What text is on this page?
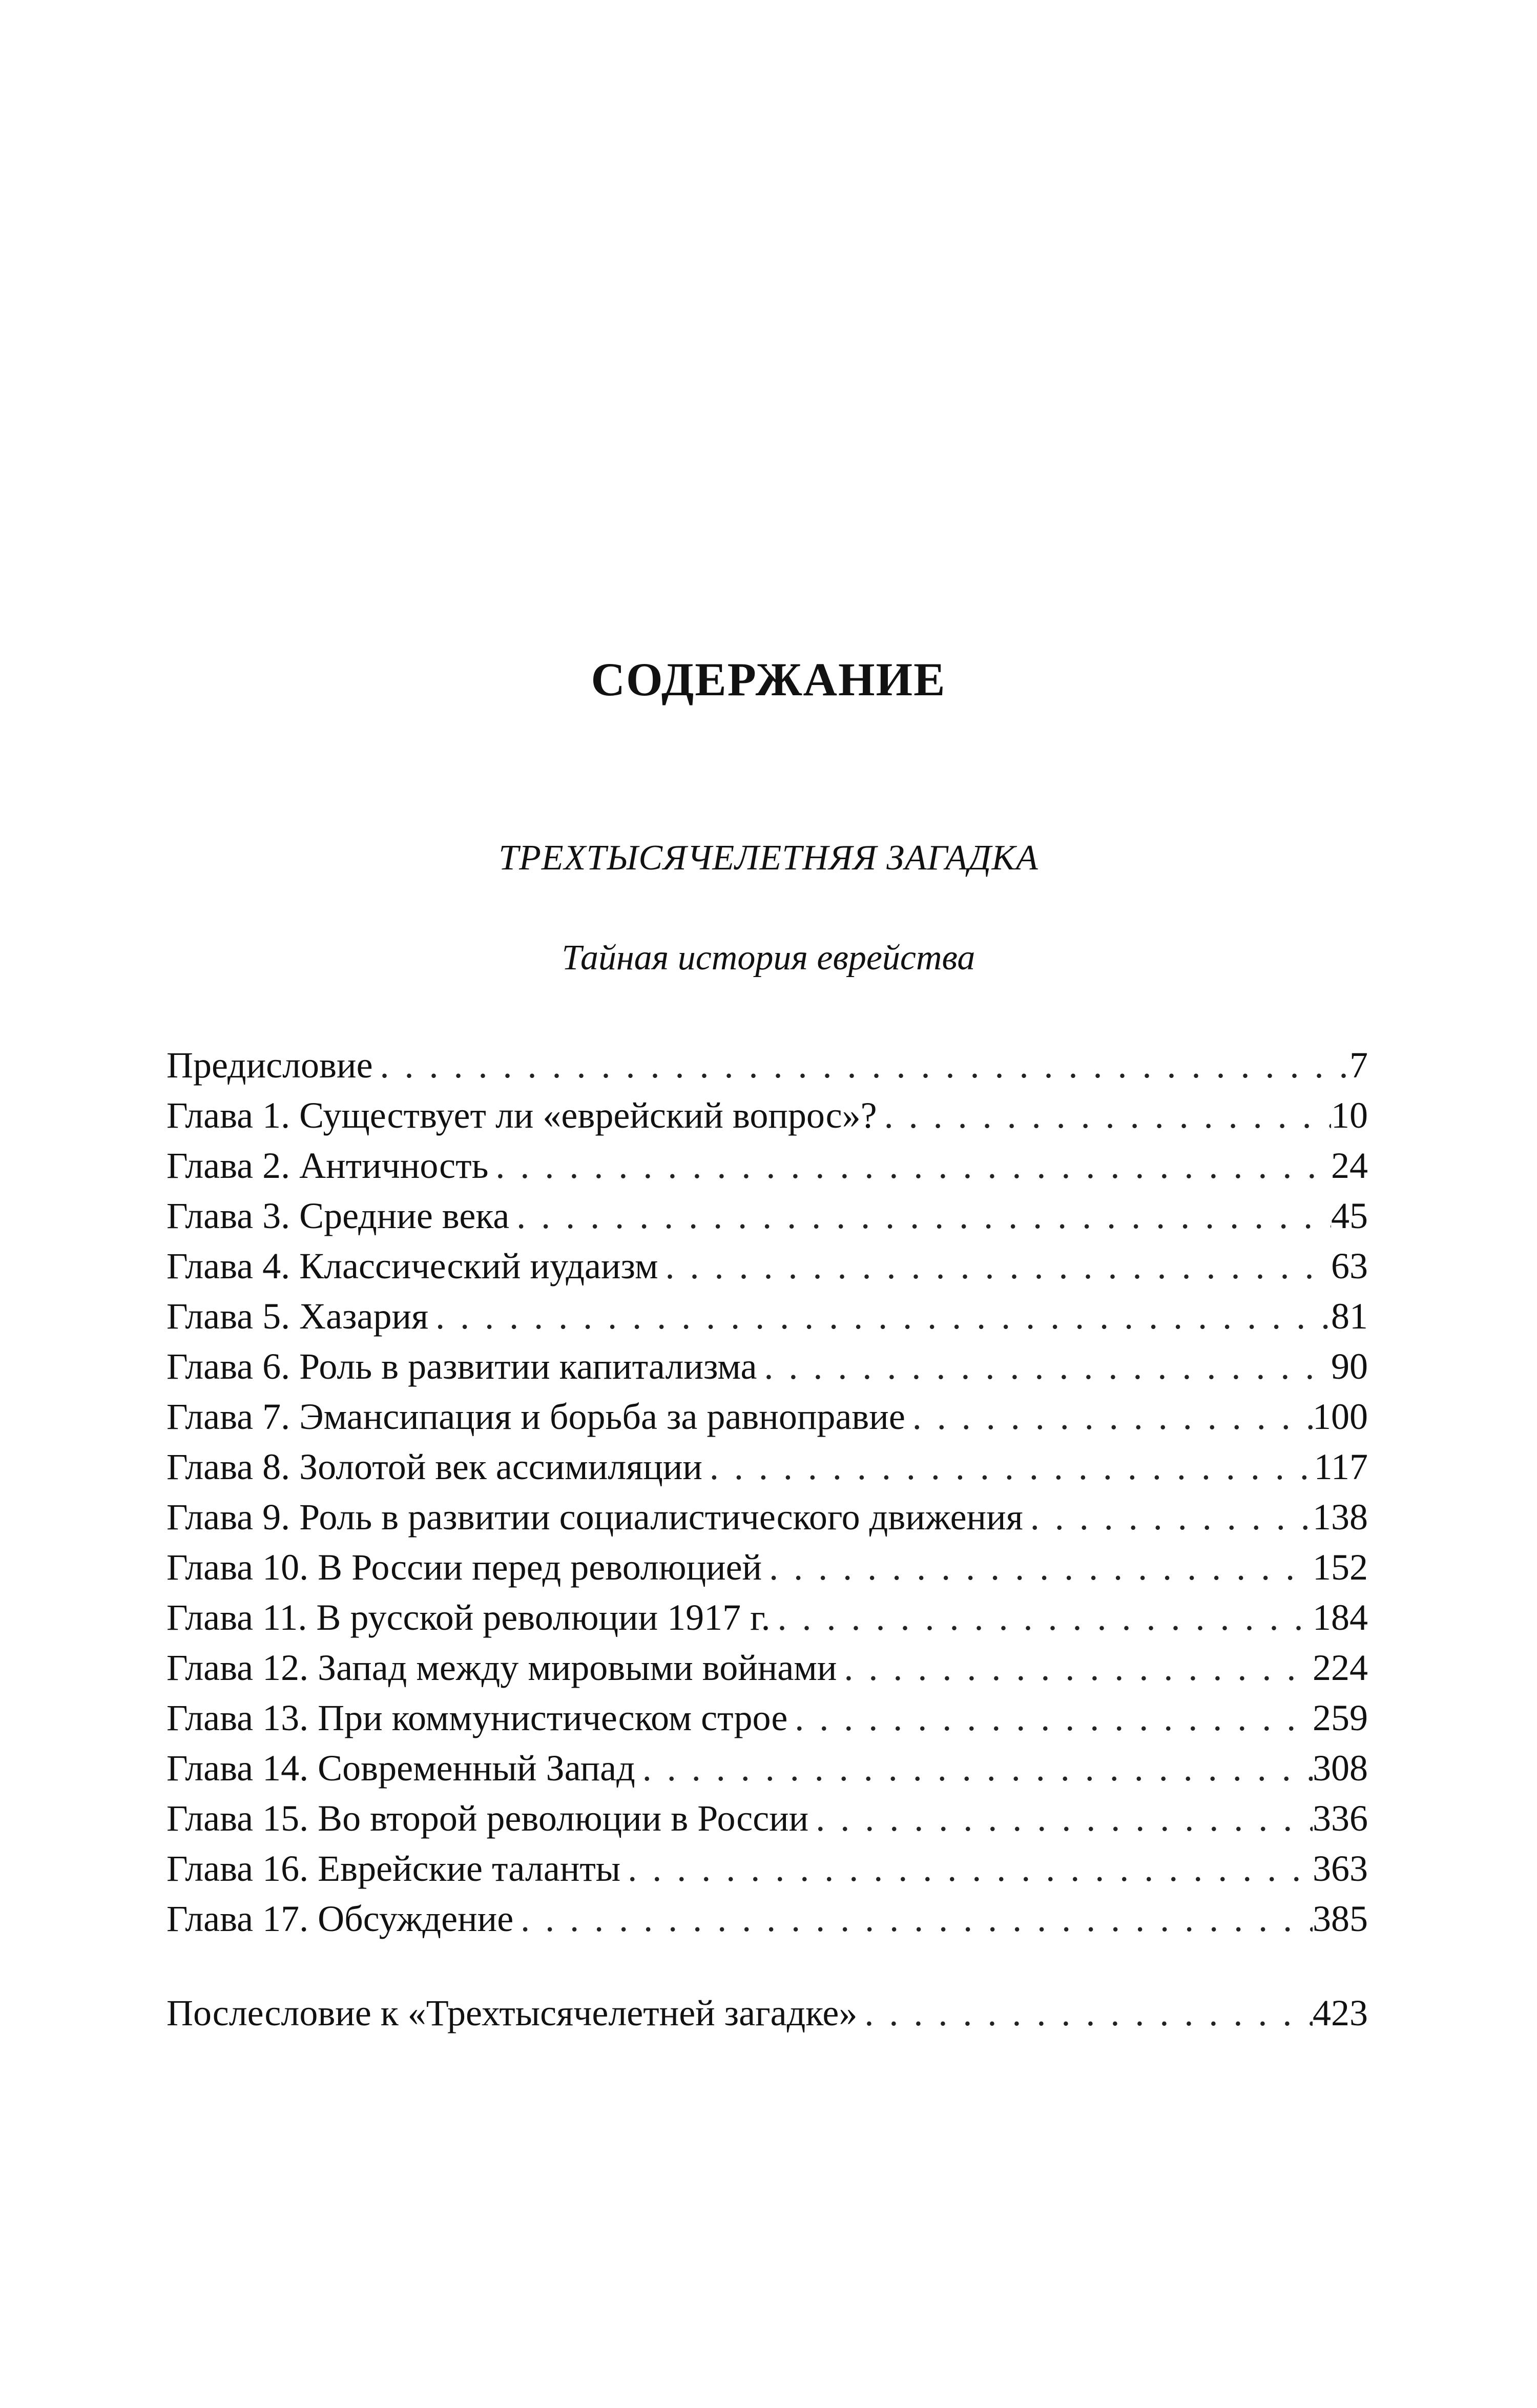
СОДЕРЖАНИЕ
ТРЕХТЫСЯЧЕЛЕТНЯЯ ЗАГАДКА
Тайная история еврейства
Предисловие . . .	7
Глава 1. Существует ли «еврейский вопрос»? . . .	10
Глава 2. Античность . . .	24
Глава 3. Средние века . . .	45
Глава 4. Классический иудаизм . . .	63
Глава 5. Хазария . . .	81
Глава 6. Роль в развитии капитализма . . .	90
Глава 7. Эмансипация и борьба за равноправие . . .	100
Глава 8. Золотой век ассимиляции . . .	117
Глава 9. Роль в развитии социалистического движения . . .	138
Глава 10. В России перед революцией . . .	152
Глава 11. В русской революции 1917 г. . . .	184
Глава 12. Запад между мировыми войнами . . .	224
Глава 13. При коммунистическом строе . . .	259
Глава 14. Современный Запад . . .	308
Глава 15. Во второй революции в России . . .	336
Глава 16. Еврейские таланты . . .	363
Глава 17. Обсуждение . . .	385
Послесловие к «Трехтысячелетней загадке» . . .	423
